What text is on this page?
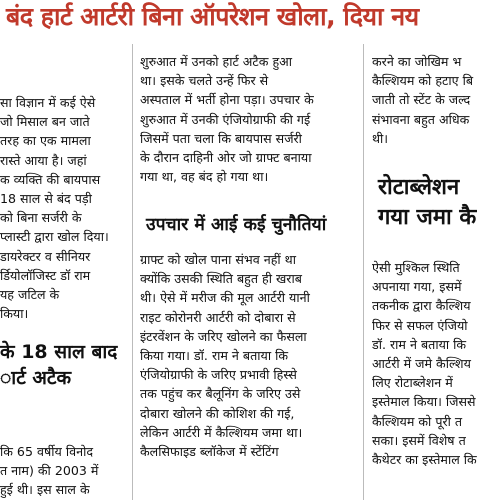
बंद हार्ट आर्टरी बिना ऑपरेशन खोला, दिया नय
सा विज्ञान में कई ऐसे
जो मिसाल बन जाते
तरह का एक मामला
रास्ते आया है। जहां
क व्यक्ति की बायपास
18 साल से बंद पड़ी
को बिना सर्जरी के
प्लास्टी द्वारा खोल दिया।
डायरेक्टर व सीनियर
र्डियोलॉजिस्ट डॉ राम
यह जटिल के
किया।
के 18 साल बाद
ार्ट अटैक
कि 65 वर्षीय विनोद
त नाम) की 2003 में
हुई थी। इस साल के
शुरुआत में उनको हार्ट अटैक हुआ
था। इसके चलते उन्हें फिर से
अस्पताल में भर्ती होना पड़ा। उपचार के
शुरुआत में उनकी एंजियोग्राफी की गई
जिसमें पता चला कि बायपास सर्जरी
के दौरान दाहिनी ओर जो ग्राफ्ट बनाया
गया था, वह बंद हो गया था।
उपचार में आई कई चुनौतियां
ग्राफ्ट को खोल पाना संभव नहीं था
क्योंकि उसकी स्थिति बहुत ही खराब
थी। ऐसे में मरीज की मूल आर्टरी यानी
राइट कोरोनरी आर्टरी को दोबारा से
इंटरवेंशन के जरिए खोलने का फैसला
किया गया। डॉ. राम ने बताया कि
एंजियोग्राफी के जरिए प्रभावी हिस्से
तक पहुंच कर बैलूनिंग के जरिए उसे
दोबारा खोलने की कोशिश की गई,
लेकिन आर्टरी में कैल्शियम जमा था।
कैलसिफाइड ब्लॉकेज में स्टेंटिंग
करने का जोखिम भ
कैल्शियम को हटाए बि
जाती तो स्टेंट के जल्द
संभावना बहुत अधिक
थी।
रोटाब्लेशन
गया जमा कै
ऐसी मुश्किल स्थिति
अपनाया गया, इसमें
तकनीक द्वारा कैल्शिय
फिर से सफल एंजियो
डॉ. राम ने बताया कि
आर्टरी में जमे कैल्शिय
लिए रोटाब्लेशन में
इस्तेमाल किया। जिससे
कैल्शियम को पूरी त
सका। इसमें विशेष त
कैथेटर का इस्तेमाल कि
